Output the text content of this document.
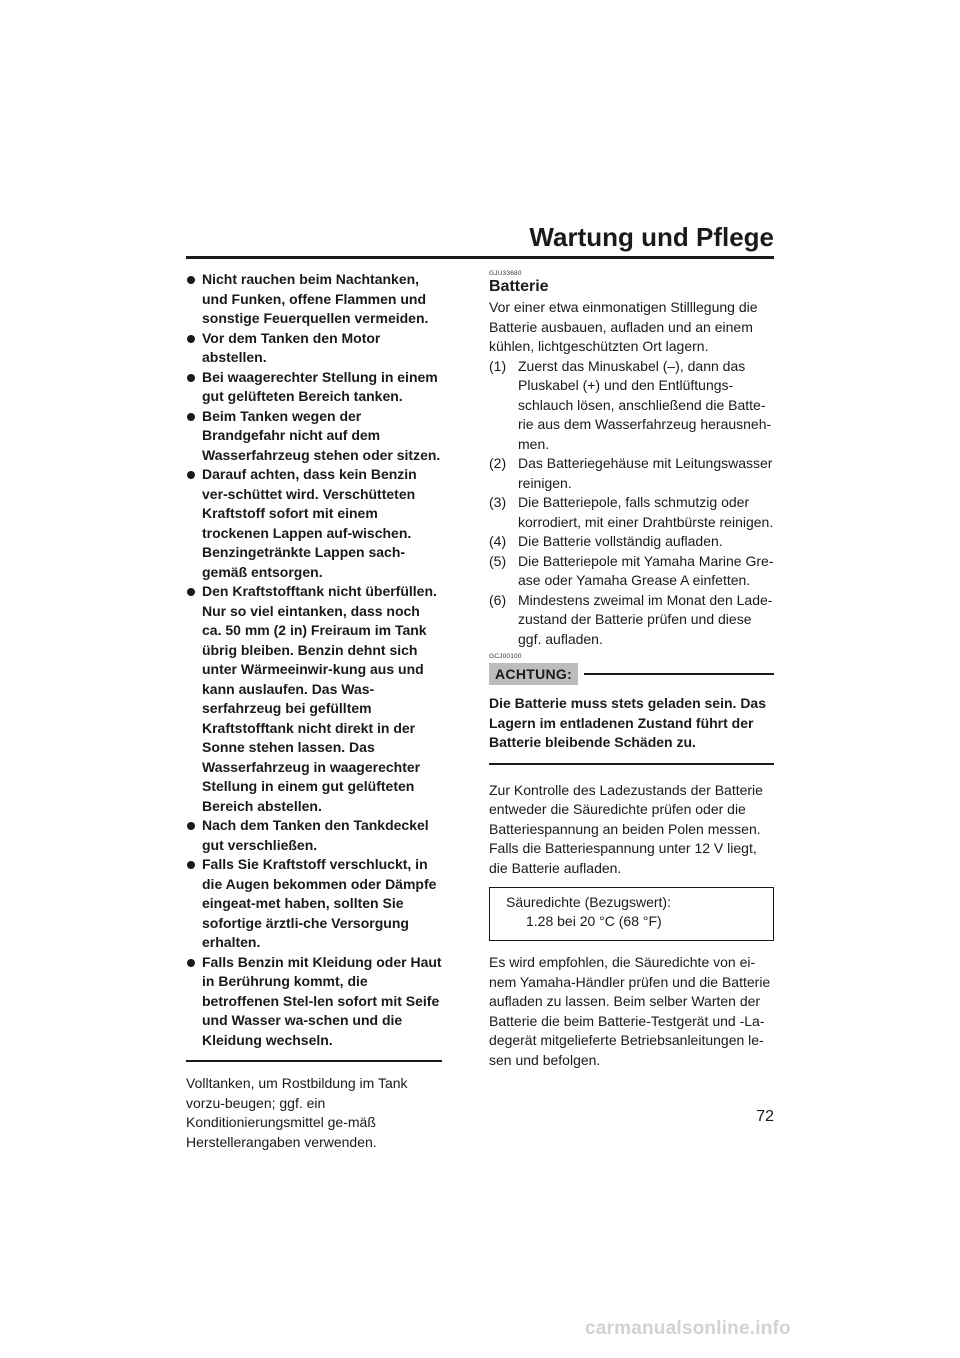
Wartung und Pflege
Nicht rauchen beim Nachtanken, und Funken, offene Flammen und sonstige Feuerquellen vermeiden.
Vor dem Tanken den Motor abstellen.
Bei waagerechter Stellung in einem gut gelüfteten Bereich tanken.
Beim Tanken wegen der Brandgefahr nicht auf dem Wasserfahrzeug stehen oder sitzen.
Darauf achten, dass kein Benzin ver-schüttet wird. Verschütteten Kraftstoff sofort mit einem trockenen Lappen auf-wischen. Benzingetränkte Lappen sach-gemäß entsorgen.
Den Kraftstofftank nicht überfüllen. Nur so viel eintanken, dass noch ca. 50 mm (2 in) Freiraum im Tank übrig bleiben. Benzin dehnt sich unter Wärmeeinwir-kung aus und kann auslaufen. Das Was-serfahrzeug bei gefülltem Kraftstofftank nicht direkt in der Sonne stehen lassen. Das Wasserfahrzeug in waagerechter Stellung in einem gut gelüfteten Bereich abstellen.
Nach dem Tanken den Tankdeckel gut verschließen.
Falls Sie Kraftstoff verschluckt, in die Augen bekommen oder Dämpfe eingeat-met haben, sollten Sie sofortige ärztli-che Versorgung erhalten.
Falls Benzin mit Kleidung oder Haut in Berührung kommt, die betroffenen Stel-len sofort mit Seife und Wasser wa-schen und die Kleidung wechseln.

Volltanken, um Rostbildung im Tank vorzu-beugen; ggf. ein Konditionierungsmittel ge-mäß Herstellerangaben verwenden.

GJU33680
Batterie

Vor einer etwa einmonatigen Stilllegung die Batterie ausbauen, aufladen und an einem kühlen, lichtgeschützten Ort lagern.

(1) Zuerst das Minuskabel (–), dann das Pluskabel (+) und den Entlüftungs-schlauch lösen, anschließend die Batte-rie aus dem Wasserfahrzeug herausneh-men.
(2) Das Batteriegehäuse mit Leitungswasser reinigen.
(3) Die Batteriepole, falls schmutzig oder korrodiert, mit einer Drahtbürste reinigen.
(4) Die Batterie vollständig aufladen.
(5) Die Batteriepole mit Yamaha Marine Gre-ase oder Yamaha Grease A einfetten.
(6) Mindestens zweimal im Monat den Lade-zustand der Batterie prüfen und diese ggf. aufladen.
GCJ00100
ACHTUNG:

Die Batterie muss stets geladen sein. Das Lagern im entladenen Zustand führt der Batterie bleibende Schäden zu.

Zur Kontrolle des Ladezustands der Batterie entweder die Säuredichte prüfen oder die Batteriespannung an beiden Polen messen. Falls die Batteriespannung unter 12 V liegt, die Batterie aufladen.

Säuredichte (Bezugswert):
1.28 bei 20 °C (68 °F)

Es wird empfohlen, die Säuredichte von ei-nem Yamaha-Händler prüfen und die Batterie aufladen zu lassen. Beim selber Warten der Batterie die beim Batterie-Testgerät und -La-degerät mitgelieferte Betriebsanleitungen le-sen und befolgen.

72
carmanualsonline.info
